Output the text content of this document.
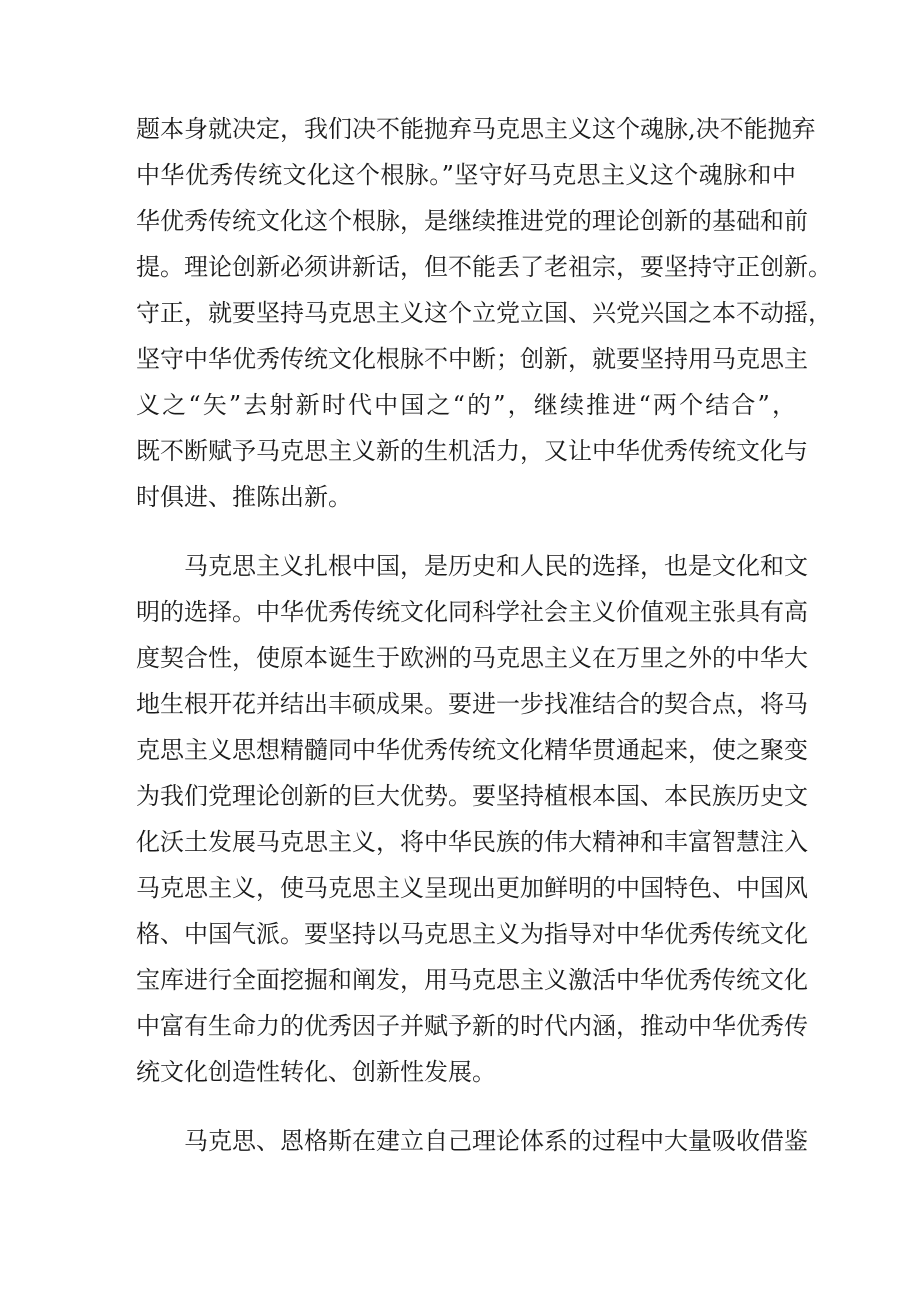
题本身就决定，我们决不能抛弃马克思主义这个魂脉,决不能抛弃
中华优秀传统文化这个根脉。”坚守好马克思主义这个魂脉和中
华优秀传统文化这个根脉，是继续推进党的理论创新的基础和前
提。理论创新必须讲新话，但不能丢了老祖宗，要坚持守正创新。
守正，就要坚持马克思主义这个立党立国、兴党兴国之本不动摇，
坚守中华优秀传统文化根脉不中断；创新，就要坚持用马克思主
义之“矢”去射新时代中国之“的”，继续推进“两个结合”，
既不断赋予马克思主义新的生机活力，又让中华优秀传统文化与
时俱进、推陈出新。
马克思主义扎根中国，是历史和人民的选择，也是文化和文
明的选择。中华优秀传统文化同科学社会主义价值观主张具有高
度契合性，使原本诞生于欧洲的马克思主义在万里之外的中华大
地生根开花并结出丰硕成果。要进一步找准结合的契合点，将马
克思主义思想精髓同中华优秀传统文化精华贯通起来，使之聚变
为我们党理论创新的巨大优势。要坚持植根本国、本民族历史文
化沃土发展马克思主义，将中华民族的伟大精神和丰富智慧注入
马克思主义，使马克思主义呈现出更加鲜明的中国特色、中国风
格、中国气派。要坚持以马克思主义为指导对中华优秀传统文化
宝库进行全面挖掘和阐发，用马克思主义激活中华优秀传统文化
中富有生命力的优秀因子并赋予新的时代内涵，推动中华优秀传
统文化创造性转化、创新性发展。
马克思、恩格斯在建立自己理论体系的过程中大量吸收借鉴
